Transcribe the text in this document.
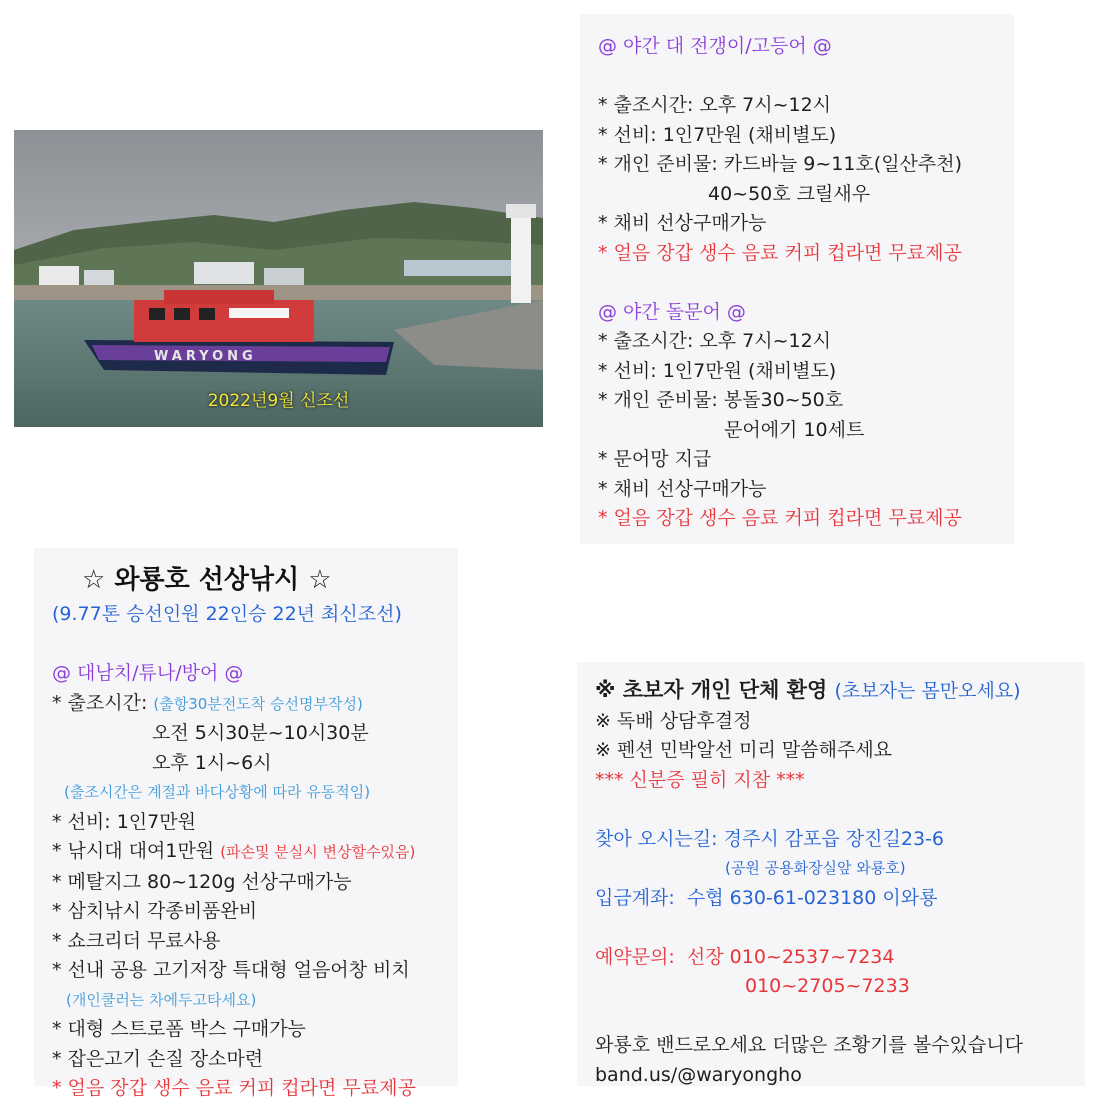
WARYONG
2022년9월 신조선
@ 야간 대 전갱이/고등어 @
* 출조시간: 오후 7시~12시
* 선비: 1인7만원 (채비별도)
* 개인 준비물: 카드바늘 9~11호(일산추천)
40~50호 크릴새우
* 채비 선상구매가능
* 얼음 장갑 생수 음료 커피 컵라면 무료제공
@ 야간 돌문어 @
* 출조시간: 오후 7시~12시
* 선비: 1인7만원 (채비별도)
* 개인 준비물: 봉돌30~50호
문어에기 10세트
* 문어망 지급
* 채비 선상구매가능
* 얼음 장갑 생수 음료 커피 컵라면 무료제공
☆ 와룡호 선상낚시 ☆
(9.77톤 승선인원 22인승 22년 최신조선)
@ 대남치/튜나/방어 @
* 출조시간: (출항30분전도착 승선명부작성)
오전 5시30분~10시30분
오후 1시~6시
(출조시간은 계절과 바다상황에 따라 유동적임)
* 선비: 1인7만원
* 낚시대 대여1만원 (파손및 분실시 변상할수있음)
* 메탈지그 80~120g 선상구매가능
* 삼치낚시 각종비품완비
* 쇼크리더 무료사용
* 선내 공용 고기저장 특대형 얼음어창 비치
(개인쿨러는 차에두고타세요)
* 대형 스트로폼 박스 구매가능
* 잡은고기 손질 장소마련
* 얼음 장갑 생수 음료 커피 컵라면 무료제공
※ 초보자 개인 단체 환영 (초보자는 몸만오세요)
※ 독배 상담후결정
※ 펜션 민박알선 미리 말씀해주세요
*** 신분증 필히 지참 ***
찾아 오시는길: 경주시 감포읍 장진길23-6
(공원 공용화장실앞 와룡호)
입금계좌:  수협 630-61-023180 이와룡
예약문의:  선장 010~2537~7234
010~2705~7233
와룡호 밴드로오세요 더많은 조황기를 볼수있습니다
band.us/@waryongho
